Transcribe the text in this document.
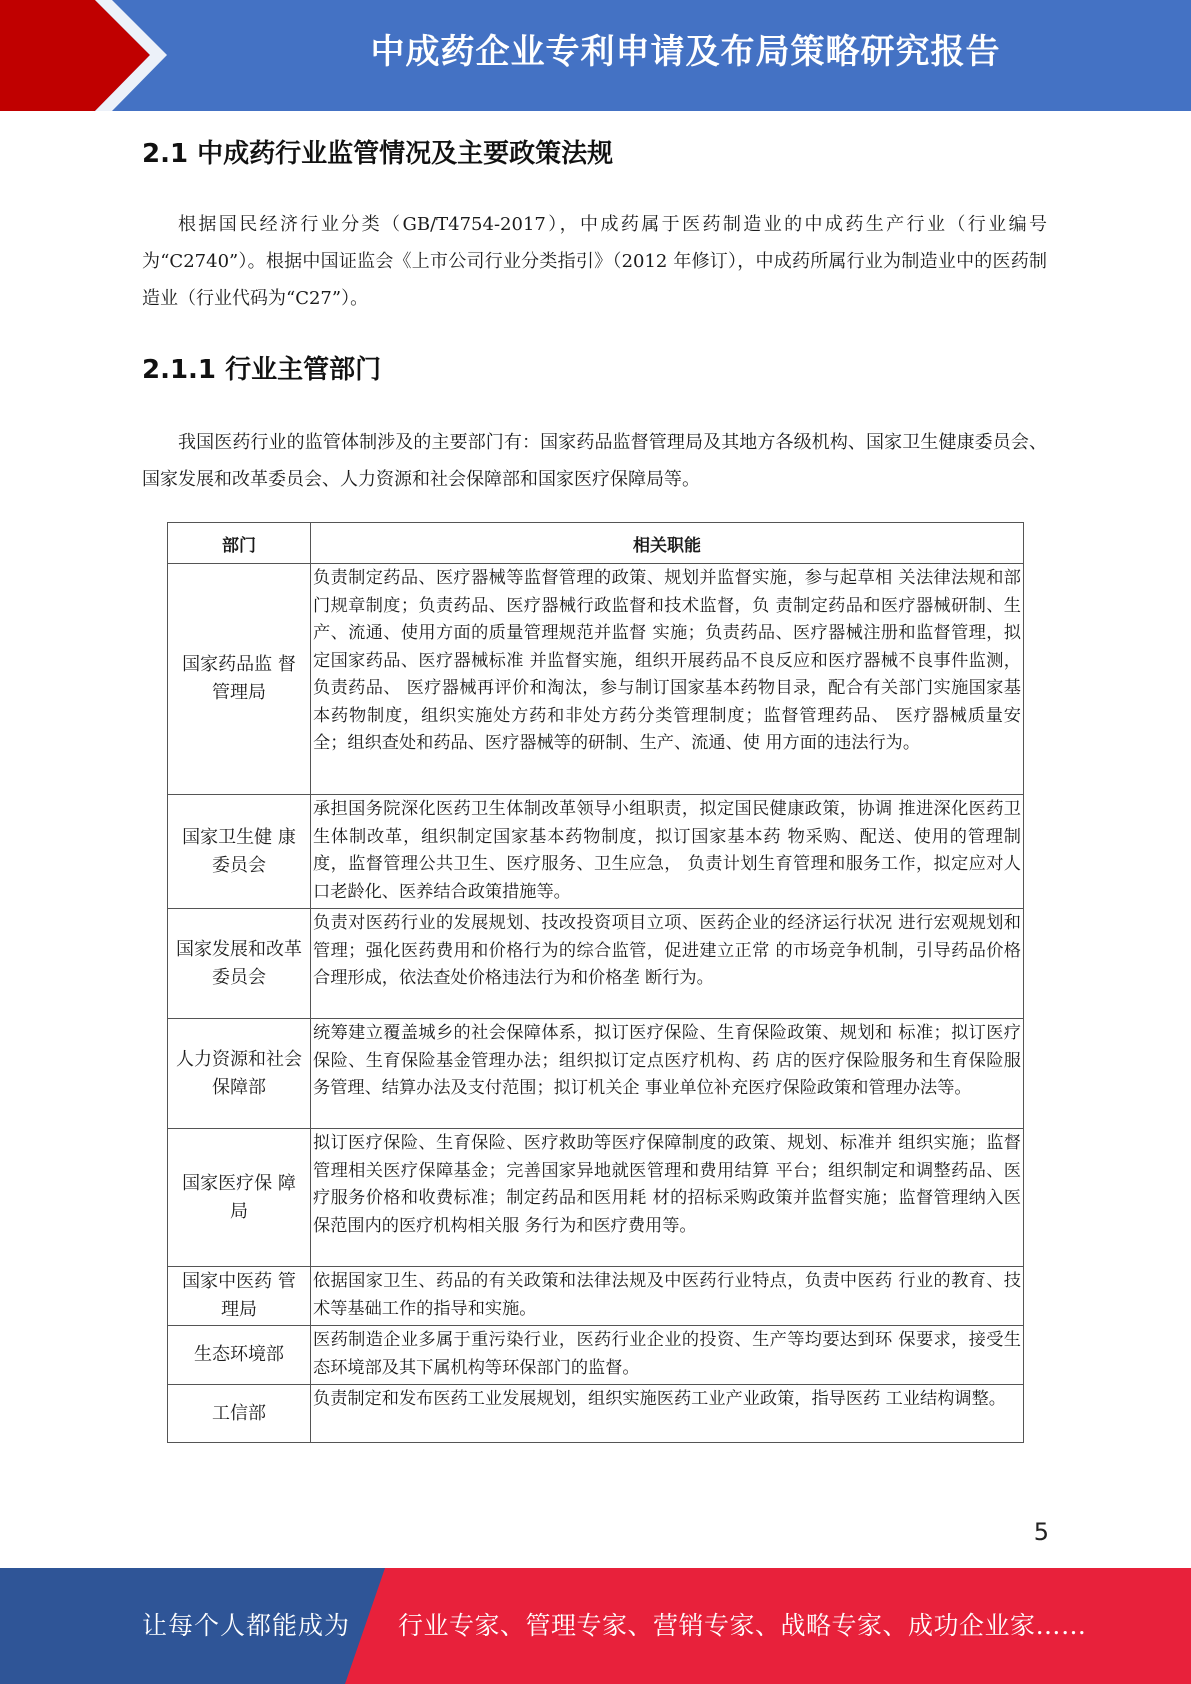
中成药企业专利申请及布局策略研究报告
2.1 中成药行业监管情况及主要政策法规

根据国民经济行业分类（GB/T4754-2017），中成药属于医药制造业的中成药生产行业（行业编号为“C2740”）。根据中国证监会《上市公司行业分类指引》（2012 年修订），中成药所属行业为制造业中的医药制造业（行业代码为“C27”）。

2.1.1 行业主管部门

我国医药行业的监管体制涉及的主要部门有：国家药品监督管理局及其地方各级机构、国家卫生健康委员会、国家发展和改革委员会、人力资源和社会保障部和国家医疗保障局等。

部门	相关职能
国家药品监 督管理局	负责制定药品、医疗器械等监督管理的政策、规划并监督实施，参与起草相 关法律法规和部门规章制度；负责药品、医疗器械行政监督和技术监督，负 责制定药品和医疗器械研制、生产、流通、使用方面的质量管理规范并监督 实施；负责药品、医疗器械注册和监督管理，拟定国家药品、医疗器械标准 并监督实施，组织开展药品不良反应和医疗器械不良事件监测，负责药品、 医疗器械再评价和淘汰，参与制订国家基本药物目录，配合有关部门实施国家基本药物制度，组织实施处方药和非处方药分类管理制度；监督管理药品、 医疗器械质量安全；组织查处和药品、医疗器械等的研制、生产、流通、使 用方面的违法行为。
国家卫生健 康委员会	承担国务院深化医药卫生体制改革领导小组职责，拟定国民健康政策，协调 推进深化医药卫生体制改革，组织制定国家基本药物制度，拟订国家基本药 物采购、配送、使用的管理制度，监督管理公共卫生、医疗服务、卫生应急， 负责计划生育管理和服务工作，拟定应对人口老龄化、医养结合政策措施等。
国家发展和改革委员会	负责对医药行业的发展规划、技改投资项目立项、医药企业的经济运行状况 进行宏观规划和管理；强化医药费用和价格行为的综合监管，促进建立正常 的市场竞争机制，引导药品价格合理形成，依法查处价格违法行为和价格垄 断行为。
人力资源和社会保障部	统筹建立覆盖城乡的社会保障体系，拟订医疗保险、生育保险政策、规划和 标准；拟订医疗保险、生育保险基金管理办法；组织拟订定点医疗机构、药 店的医疗保险服务和生育保险服务管理、结算办法及支付范围；拟订机关企 事业单位补充医疗保险政策和管理办法等。
国家医疗保 障局	拟订医疗保险、生育保险、医疗救助等医疗保障制度的政策、规划、标准并 组织实施；监督管理相关医疗保障基金；完善国家异地就医管理和费用结算 平台；组织制定和调整药品、医疗服务价格和收费标准；制定药品和医用耗 材的招标采购政策并监督实施；监督管理纳入医保范围内的医疗机构相关服 务行为和医疗费用等。
国家中医药 管理局	依据国家卫生、药品的有关政策和法律法规及中医药行业特点，负责中医药 行业的教育、技术等基础工作的指导和实施。
生态环境部	医药制造企业多属于重污染行业，医药行业企业的投资、生产等均要达到环 保要求，接受生态环境部及其下属机构等环保部门的监督。
工信部	负责制定和发布医药工业发展规划，组织实施医药工业产业政策，指导医药 工业结构调整。
5
让每个人都能成为 行业专家、管理专家、营销专家、战略专家、成功企业家……
